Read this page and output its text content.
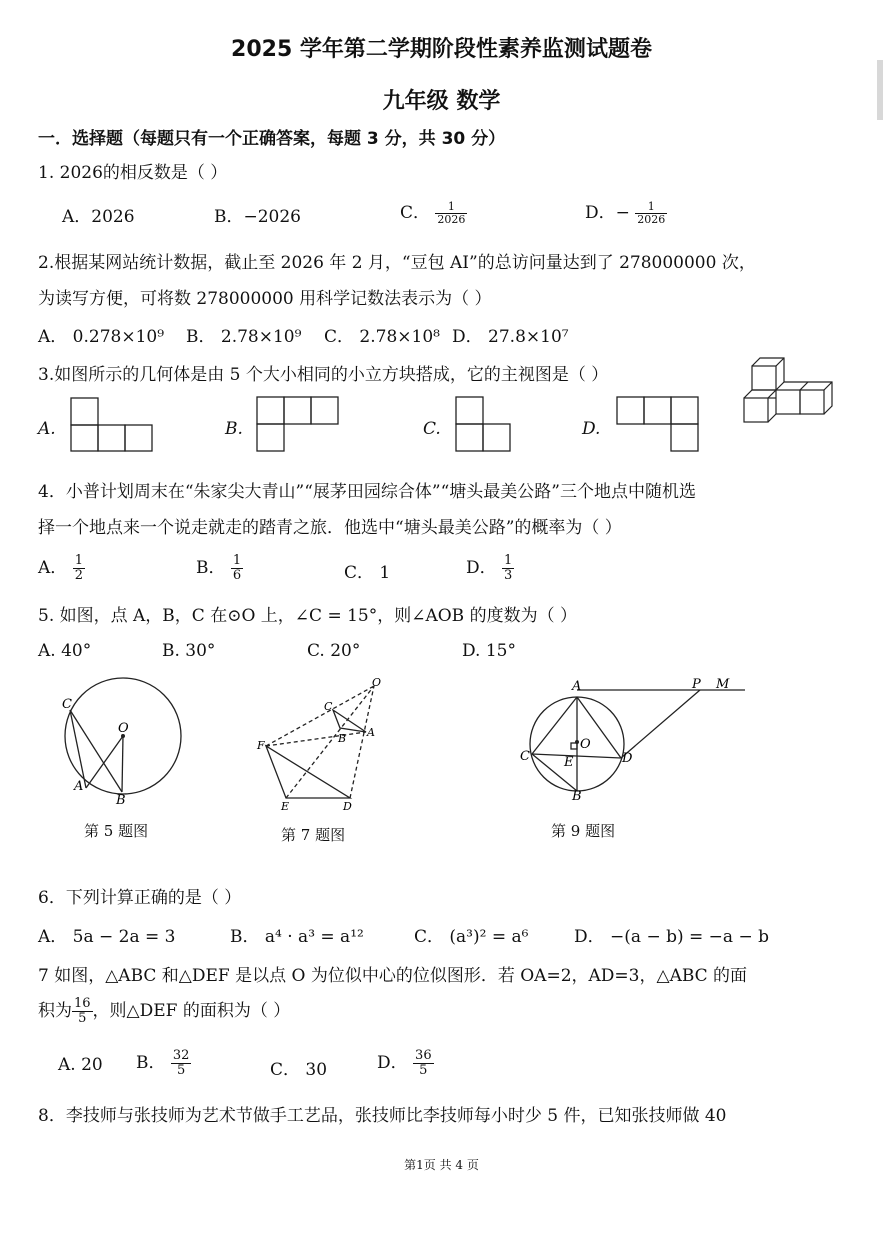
2025 学年第二学期阶段性素养监测试题卷
九年级 数学
一．选择题（每题只有一个正确答案，每题 3 分，共 30 分）
1. 2026的相反数是（ ）
A．2026	B．−2026	C． $\frac{1}{2026}$	D．− $\frac{1}{2026}$
2.根据某网站统计数据，截止至 2026 年 2 月，“豆包 AI”的总访问量达到了 278000000 次，
为读写方便，可将数 278000000 用科学记数法表示为（ ）
A． 0.278×10⁹ B． 2.78×10⁹ C． 2.78×10⁸ D． 27.8×10⁷
3.如图所示的几何体是由 5 个大小相同的小立方块搭成，它的主视图是（ ）
A.	B.	C.	D.
4．小普计划周末在“朱家尖大青山”“展茅田园综合体”“塘头最美公路”三个地点中随机选
择一个地点来一个说走就走的踏青之旅．他选中“塘头最美公路”的概率为（ ）
A． $\frac{1}{2}$	B． $\frac{1}{6}$	C． 1	D． $\frac{1}{3}$
5. 如图，点 A，B，C 在⊙O 上，∠C = 15°，则∠AOB 的度数为（ ）
A. 40°	B. 30°	C. 20°	D. 15°
C
O
A
B
O
C
B A
F
E	D
A	P M
O
C	E	D
B
第 5 题图	第 7 题图	第 9 题图
6．下列计算正确的是（ ）
A． 5a − 2a = 3	B． a⁴ · a³ = a¹²	C． (a³)² = a⁶	D． −(a − b) = −a − b
7 如图，△ABC 和△DEF 是以点 O 为位似中心的位似图形．若 OA=2，AD=3，△ABC 的面
积为 $\frac{16}{5}$ ，则△DEF 的面积为（ ）
A. 20 B． $\frac{32}{5}$	C． 30	D． $\frac{36}{5}$
8．李技师与张技师为艺术节做手工艺品，张技师比李技师每小时少 5 件，已知张技师做 40
第1页 共 4 页
